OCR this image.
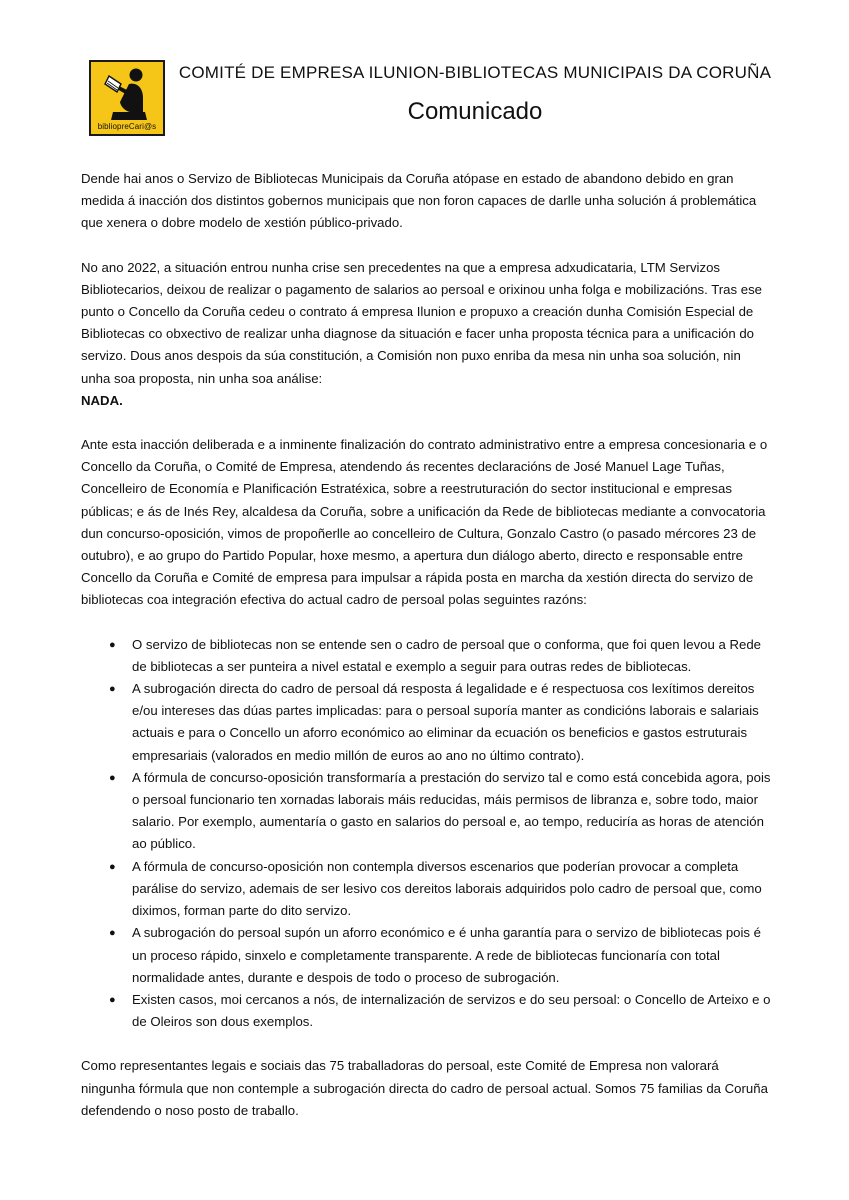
bibliopreCari@s
COMITÉ DE EMPRESA ILUNION-BIBLIOTECAS MUNICIPAIS DA CORUÑA
Comunicado

Dende hai anos o Servizo de Bibliotecas Municipais da Coruña atópase en estado de abandono debido en gran medida á inacción dos distintos gobernos municipais que non foron capaces de darlle unha solución á problemática que xenera o dobre modelo de xestión público-privado.

No ano 2022, a situación entrou nunha crise sen precedentes na que a empresa adxudicataria, LTM Servizos Bibliotecarios, deixou de realizar o pagamento de salarios ao persoal e orixinou unha folga e mobilizacións. Tras ese punto o Concello da Coruña cedeu o contrato á empresa Ilunion e propuxo a creación dunha Comisión Especial de Bibliotecas co obxectivo de realizar unha diagnose da situación e facer unha proposta técnica para a unificación do servizo. Dous anos despois da súa constitución, a Comisión non puxo enriba da mesa nin unha soa solución, nin unha soa proposta, nin unha soa análise:
NADA.

Ante esta inacción deliberada e a inminente finalización do contrato administrativo entre a empresa concesionaria e o Concello da Coruña, o Comité de Empresa, atendendo ás recentes declaracións de José Manuel Lage Tuñas, Concelleiro de Economía e Planificación Estratéxica, sobre a reestruturación do sector institucional e empresas públicas; e ás de Inés Rey, alcaldesa da Coruña, sobre a unificación da Rede de bibliotecas mediante a convocatoria dun concurso-oposición, vimos de propoñerlle ao concelleiro de Cultura, Gonzalo Castro (o pasado mércores 23 de outubro), e ao grupo do Partido Popular, hoxe mesmo, a apertura dun diálogo aberto, directo e responsable entre Concello da Coruña e Comité de empresa para impulsar a rápida posta en marcha da xestión directa do servizo de bibliotecas coa integración efectiva do actual cadro de persoal polas seguintes razóns:

● O servizo de bibliotecas non se entende sen o cadro de persoal que o conforma, que foi quen levou a Rede de bibliotecas a ser punteira a nivel estatal e exemplo a seguir para outras redes de bibliotecas.
● A subrogación directa do cadro de persoal dá resposta á legalidade e é respectuosa cos lexítimos dereitos e/ou intereses das dúas partes implicadas: para o persoal suporía manter as condicións laborais e salariais actuais e para o Concello un aforro económico ao eliminar da ecuación os beneficios e gastos estruturais empresariais (valorados en medio millón de euros ao ano no último contrato).
● A fórmula de concurso-oposición transformaría a prestación do servizo tal e como está concebida agora, pois o persoal funcionario ten xornadas laborais máis reducidas, máis permisos de libranza e, sobre todo, maior salario. Por exemplo, aumentaría o gasto en salarios do persoal e, ao tempo, reduciría as horas de atención ao público.
● A fórmula de concurso-oposición non contempla diversos escenarios que poderían provocar a completa parálise do servizo, ademais de ser lesivo cos dereitos laborais adquiridos polo cadro de persoal que, como diximos, forman parte do dito servizo.
● A subrogación do persoal supón un aforro económico e é unha garantía para o servizo de bibliotecas pois é un proceso rápido, sinxelo e completamente transparente. A rede de bibliotecas funcionaría con total normalidade antes, durante e despois de todo o proceso de subrogación.
● Existen casos, moi cercanos a nós, de internalización de servizos e do seu persoal: o Concello de Arteixo e o de Oleiros son dous exemplos.

Como representantes legais e sociais das 75 traballadoras do persoal, este Comité de Empresa non valorará ningunha fórmula que non contemple a subrogación directa do cadro de persoal actual. Somos 75 familias da Coruña defendendo o noso posto de traballo.
